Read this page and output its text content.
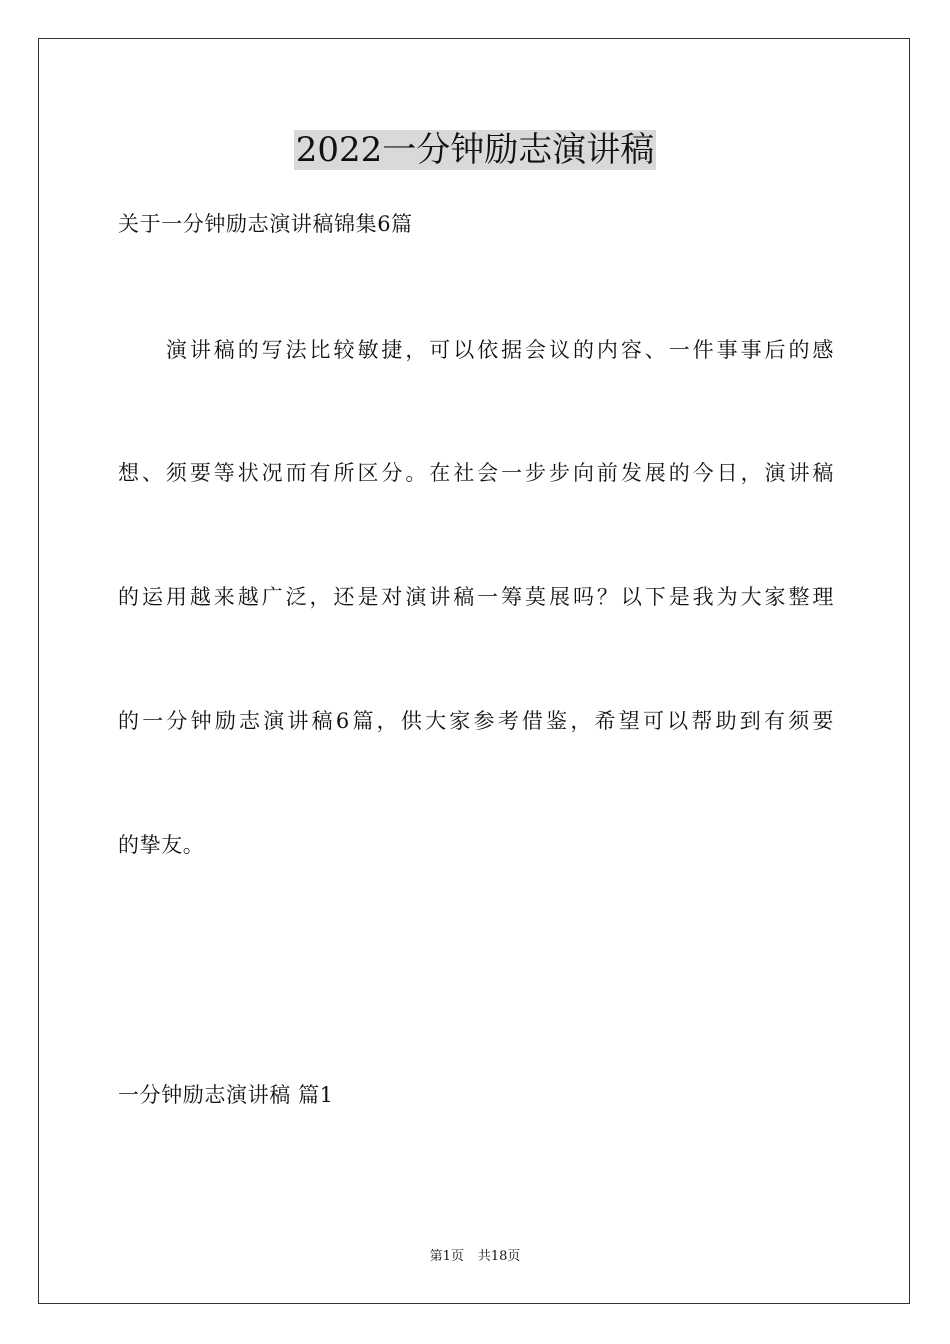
2022一分钟励志演讲稿
关于一分钟励志演讲稿锦集6篇
　　演讲稿的写法比较敏捷，可以依据会议的内容、一件事事后的感
想、须要等状况而有所区分。在社会一步步向前发展的今日，演讲稿
的运用越来越广泛，还是对演讲稿一筹莫展吗？以下是我为大家整理
的一分钟励志演讲稿6篇，供大家参考借鉴，希望可以帮助到有须要
的挚友。
一分钟励志演讲稿 篇1
第1页 共18页
